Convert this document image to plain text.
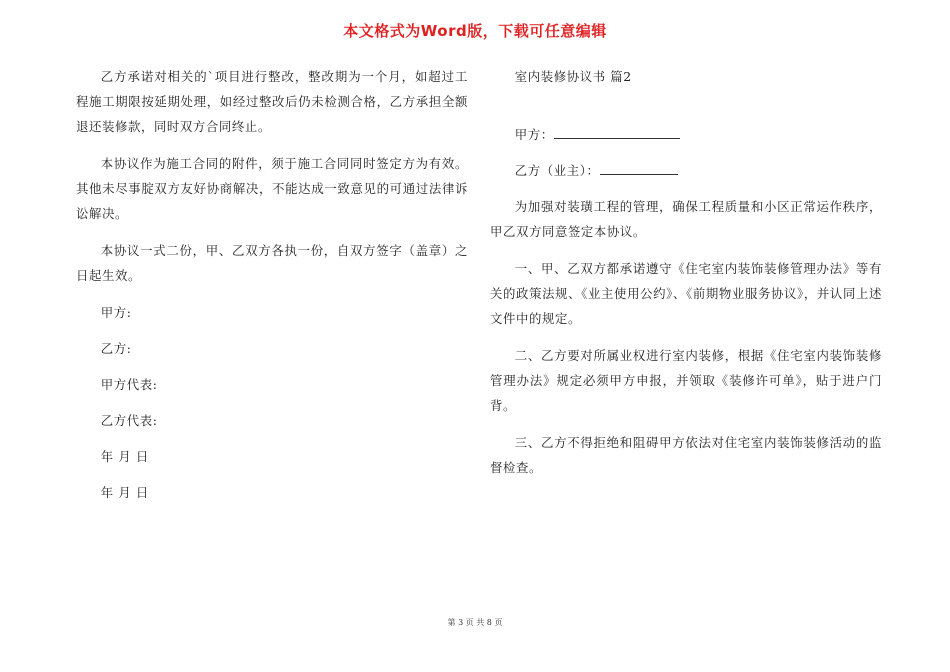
本文格式为Word版，下载可任意编辑

乙方承诺对相关的`项目进行整改，整改期为一个月，如超过工程施工期限按延期处理，如经过整改后仍未检测合格，乙方承担全额退还装修款，同时双方合同终止。

本协议作为施工合同的附件，须于施工合同同时签定方为有效。其他未尽事腚双方友好协商解决，不能达成一致意见的可通过法律诉讼解决。

本协议一式二份，甲、乙双方各执一份，自双方签字（盖章）之日起生效。

甲方:
乙方:
甲方代表:
乙方代表:
年 月 日
年 月 日
室内装修协议书 篇2
甲方：
乙方（业主）：

为加强对装璜工程的管理，确保工程质量和小区正常运作秩序，甲乙双方同意签定本协议。

一、甲、乙双方都承诺遵守《住宅室内装饰装修管理办法》等有关的政策法规、《业主使用公约》、《前期物业服务协议》，并认同上述文件中的规定。

二、乙方要对所属业权进行室内装修，根据《住宅室内装饰装修管理办法》规定必须甲方申报，并领取《装修许可单》，贴于进户门背。

三、乙方不得拒绝和阻碍甲方依法对住宅室内装饰装修活动的监督检查。

第 3 页 共 8 页
